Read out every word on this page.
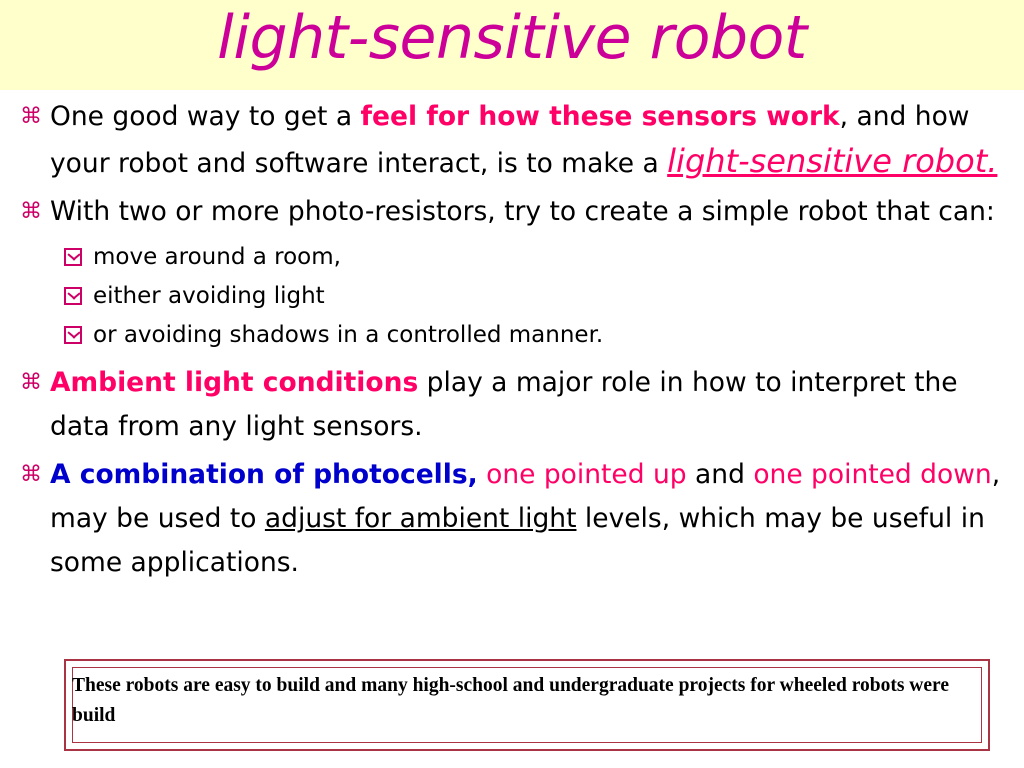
light-sensitive robot
⌘ One good way to get a feel for how these sensors work, and how your robot and software interact, is to make a light-sensitive robot.
⌘ With two or more photo-resistors, try to create a simple robot that can:
move around a room,
either avoiding light
or avoiding shadows in a controlled manner.
⌘ Ambient light conditions play a major role in how to interpret the data from any light sensors.
⌘ A combination of photocells, one pointed up and one pointed down, may be used to adjust for ambient light levels, which may be useful in some applications.
These robots are easy to build and many high-school and undergraduate projects for wheeled robots were build
